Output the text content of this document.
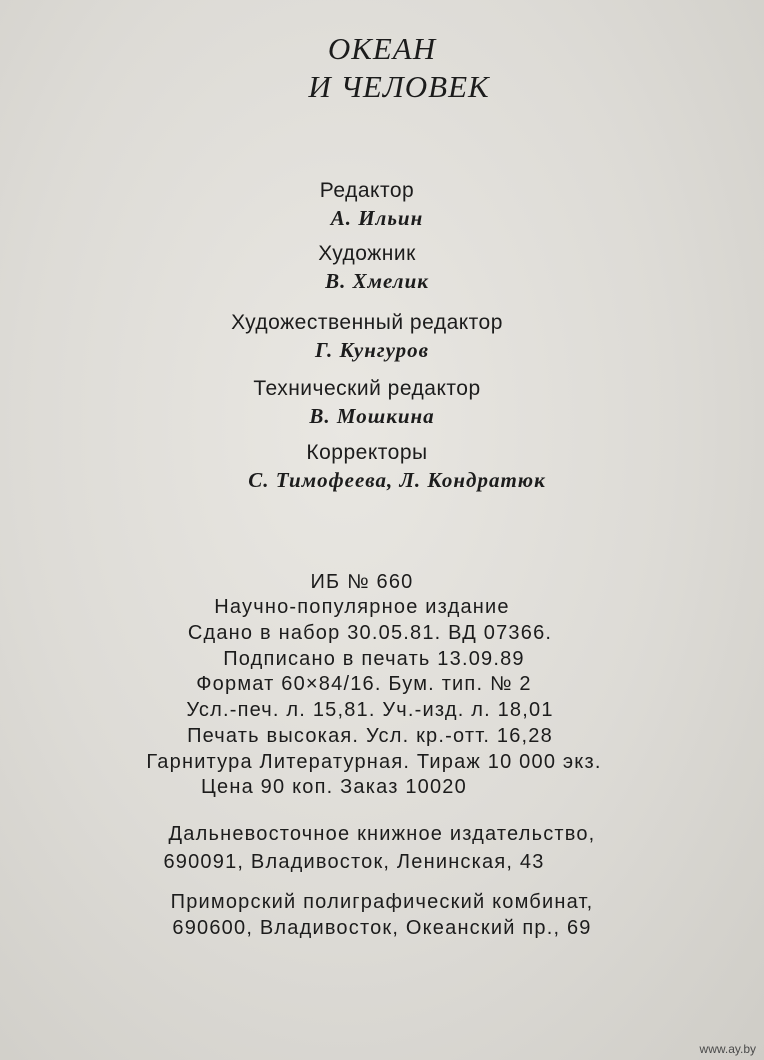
ОКЕАН
И ЧЕЛОВЕК
Редактор
А. Ильин
Художник
В. Хмелик
Художественный редактор
Г. Кунгуров
Технический редактор
В. Мошкина
Корректоры
С. Тимофеева, Л. Кондратюк
ИБ № 660
Научно-популярное издание
Сдано в набор 30.05.81. ВД 07366.
Подписано в печать 13.09.89
Формат 60×84/16. Бум. тип. № 2
Усл.-печ. л. 15,81. Уч.-изд. л. 18,01
Печать высокая. Усл. кр.-отт. 16,28
Гарнитура Литературная. Тираж 10 000 экз.
Цена 90 коп. Заказ 10020
Дальневосточное книжное издательство,
690091, Владивосток, Ленинская, 43
Приморский полиграфический комбинат,
690600, Владивосток, Океанский пр., 69
www.ay.by
